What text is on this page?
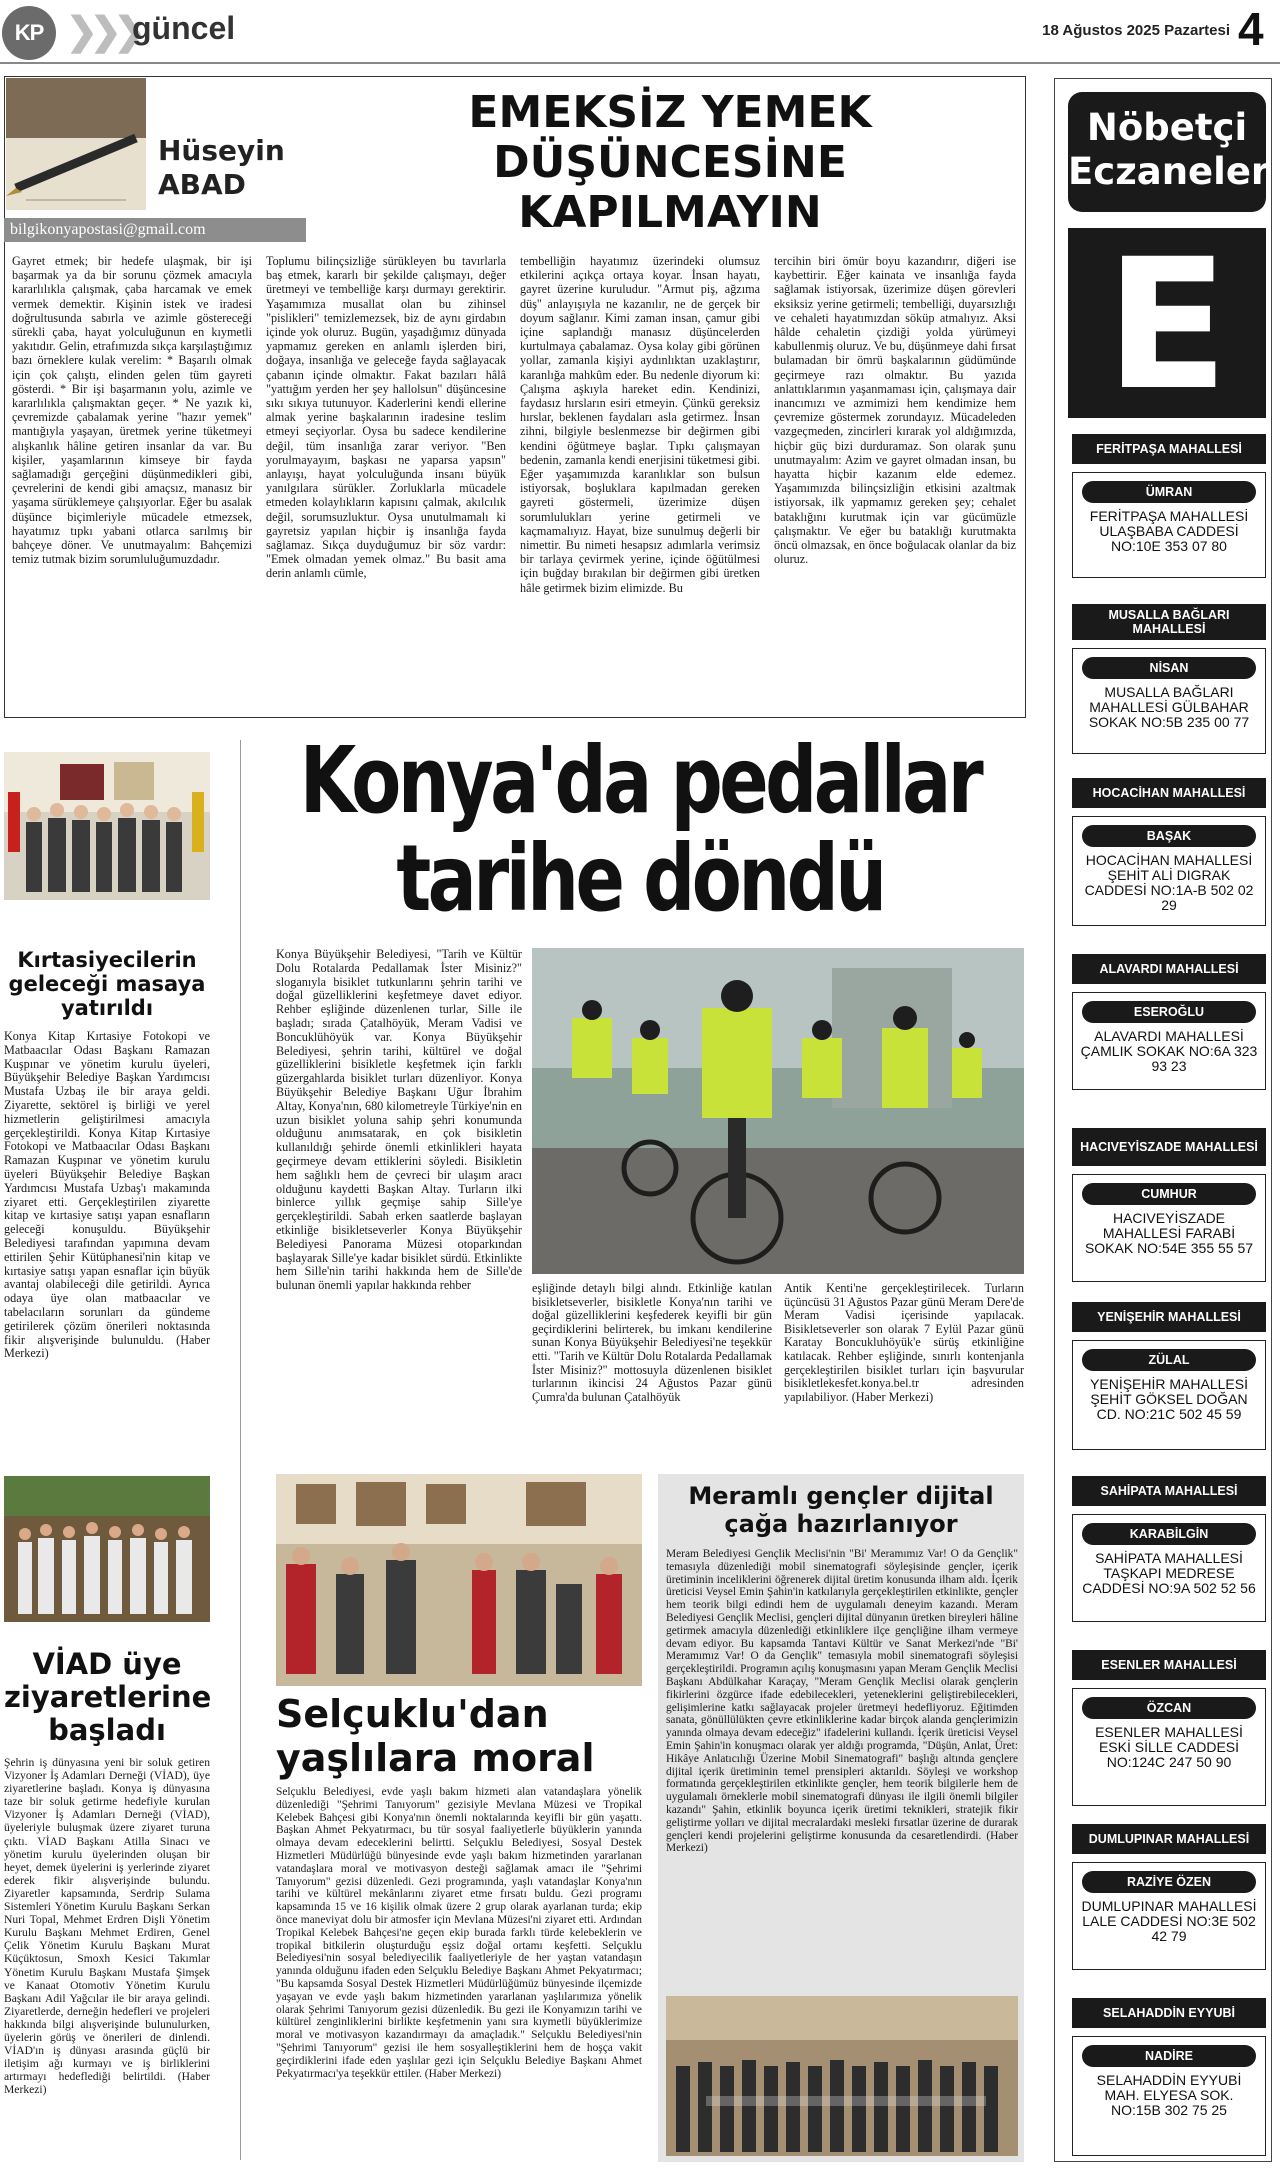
KP ❯❯❯
güncel	18 Ağustos 2025 Pazartesi 4
Hüseyin
ABAD
bilgikonyapostasi@gmail.com
EMEKSİZ YEMEK DÜŞÜNCESİNE KAPILMAYIN
Gayret etmek; bir hedefe ulaşmak, bir işi başarmak ya da bir sorunu çözmek amacıyla kararlılıkla çalışmak, çaba harcamak ve emek vermek demektir. Kişinin istek ve iradesi doğrultusunda sabırla ve azimle göstereceği sürekli çaba, hayat yolculuğunun en kıymetli yakıtıdır. Gelin, etrafımızda sıkça karşılaştığımız bazı örneklere kulak verelim: * Başarılı olmak için çok çalıştı, elinden gelen tüm gayreti gösterdi. * Bir işi başarmanın yolu, azimle ve kararlılıkla çalışmaktan geçer. * Ne yazık ki, çevremizde çabalamak yerine "hazır yemek" mantığıyla yaşayan, üretmek yerine tüketmeyi alışkanlık hâline getiren insanlar da var. Bu kişiler, yaşamlarının kimseye bir fayda sağlamadığı gerçeğini düşünmedikleri gibi, çevrelerini de kendi gibi amaçsız, manasız bir yaşama sürüklemeye çalışıyorlar. Eğer bu asalak düşünce biçimleriyle mücadele etmezsek, hayatımız tıpkı yabani otlarca sarılmış bir bahçeye döner. Ve unutmayalım: Bahçemizi temiz tutmak bizim sorumluluğumuzdadır.
Toplumu bilinçsizliğe sürükleyen bu tavırlarla baş etmek, kararlı bir şekilde çalışmayı, değer üretmeyi ve tembelliğe karşı durmayı gerektirir. Yaşamımıza musallat olan bu zihinsel "pislikleri" temizlemezsek, biz de aynı girdabın içinde yok oluruz. Bugün, yaşadığımız dünyada yapmamız gereken en anlamlı işlerden biri, doğaya, insanlığa ve geleceğe fayda sağlayacak çabanın içinde olmaktır. Fakat bazıları hâlâ "yattığım yerden her şey hallolsun" düşüncesine sıkı sıkıya tutunuyor. Kaderlerini kendi ellerine almak yerine başkalarının iradesine teslim etmeyi seçiyorlar. Oysa bu sadece kendilerine değil, tüm insanlığa zarar veriyor. "Ben yorulmayayım, başkası ne yaparsa yapsın" anlayışı, hayat yolculuğunda insanı büyük yanılgılara sürükler. Zorluklarla mücadele etmeden kolaylıkların kapısını çalmak, akılcılık değil, sorumsuzluktur. Oysa unutulmamalı ki gayretsiz yapılan hiçbir iş insanlığa fayda sağlamaz. Sıkça duyduğumuz bir söz vardır: "Emek olmadan yemek olmaz." Bu basit ama derin anlamlı cümle,
tembelliğin hayatımız üzerindeki olumsuz etkilerini açıkça ortaya koyar. İnsan hayatı, gayret üzerine kuruludur. "Armut piş, ağzıma düş" anlayışıyla ne kazanılır, ne de gerçek bir doyum sağlanır. Kimi zaman insan, çamur gibi içine saplandığı manasız düşüncelerden kurtulmaya çabalamaz. Oysa kolay gibi görünen yollar, zamanla kişiyi aydınlıktan uzaklaştırır, karanlığa mahkûm eder. Bu nedenle diyorum ki: Çalışma aşkıyla hareket edin. Kendinizi, faydasız hırsların esiri etmeyin. Çünkü gereksiz hırslar, beklenen faydaları asla getirmez. İnsan zihni, bilgiyle beslenmezse bir değirmen gibi kendini öğütmeye başlar. Tıpkı çalışmayan bedenin, zamanla kendi enerjisini tüketmesi gibi. Eğer yaşamımızda karanlıklar son bulsun istiyorsak, boşluklara kapılmadan gereken gayreti göstermeli, üzerimize düşen sorumlulukları yerine getirmeli ve kaçmamalıyız. Hayat, bize sunulmuş değerli bir nimettir. Bu nimeti hesapsız adımlarla verimsiz bir tarlaya çevirmek yerine, içinde öğütülmesi için buğday bırakılan bir değirmen gibi üretken hâle getirmek bizim elimizde. Bu
tercihin biri ömür boyu kazandırır, diğeri ise kaybettirir. Eğer kainata ve insanlığa fayda sağlamak istiyorsak, üzerimize düşen görevleri eksiksiz yerine getirmeli; tembelliği, duyarsızlığı ve cehaleti hayatımızdan söküp atmalıyız. Aksi hâlde cehaletin çizdiği yolda yürümeyi kabullenmiş oluruz. Ve bu, düşünmeye dahi fırsat bulamadan bir ömrü başkalarının güdümünde geçirmeye razı olmaktır. Bu yazıda anlattıklarımın yaşanmaması için, çalışmaya dair inancımızı ve azmimizi hem kendimize hem çevremize göstermek zorundayız. Mücadeleden vazgeçmeden, zincirleri kırarak yol aldığımızda, hiçbir güç bizi durduramaz. Son olarak şunu unutmayalım: Azim ve gayret olmadan insan, bu hayatta hiçbir kazanım elde edemez. Yaşamımızda bilinçsizliğin etkisini azaltmak istiyorsak, ilk yapmamız gereken şey; cehalet bataklığını kurutmak için var gücümüzle çalışmaktır. Ve eğer bu bataklığı kurutmakta öncü olmazsak, en önce boğulacak olanlar da biz oluruz.
Kırtasiyecilerin geleceği masaya yatırıldı
Konya Kitap Kırtasiye Fotokopi ve Matbaacılar Odası Başkanı Ramazan Kuşpınar ve yönetim kurulu üyeleri, Büyükşehir Belediye Başkan Yardımcısı Mustafa Uzbaş ile bir araya geldi. Ziyarette, sektörel iş birliği ve yerel hizmetlerin geliştirilmesi amacıyla gerçekleştirildi. Konya Kitap Kırtasiye Fotokopi ve Matbaacılar Odası Başkanı Ramazan Kuşpınar ve yönetim kurulu üyeleri Büyükşehir Belediye Başkan Yardımcısı Mustafa Uzbaş'ı makamında ziyaret etti. Gerçekleştirilen ziyarette kitap ve kırtasiye satışı yapan esnafların geleceği konuşuldu. Büyükşehir Belediyesi tarafından yapımına devam ettirilen Şehir Kütüphanesi'nin kitap ve kırtasiye satışı yapan esnaflar için büyük avantaj olabileceği dile getirildi. Ayrıca odaya üye olan matbaacılar ve tabelacıların sorunları da gündeme getirilerek çözüm önerileri noktasında fikir alışverişinde bulunuldu. (Haber Merkezi)
VİAD üye ziyaretlerine başladı
Şehrin iş dünyasına yeni bir soluk getiren Vizyoner İş Adamları Derneği (VİAD), üye ziyaretlerine başladı. Konya iş dünyasına taze bir soluk getirme hedefiyle kurulan Vizyoner İş Adamları Derneği (VİAD), üyeleriyle buluşmak üzere ziyaret turuna çıktı. VİAD Başkanı Atilla Sinacı ve yönetim kurulu üyelerinden oluşan bir heyet, demek üyelerini iş yerlerinde ziyaret ederek fikir alışverişinde bulundu. Ziyaretler kapsamında, Serdrip Sulama Sistemleri Yönetim Kurulu Başkanı Serkan Nuri Topal, Mehmet Erdren Dişli Yönetim Kurulu Başkanı Mehmet Erdiren, Genel Çelik Yönetim Kurulu Başkanı Murat Küçüktosun, Smoxh Kesici Takımlar Yönetim Kurulu Başkanı Mustafa Şimşek ve Kanaat Otomotiv Yönetim Kurulu Başkanı Adil Yağcılar ile bir araya gelindi. Ziyaretlerde, derneğin hedefleri ve projeleri hakkında bilgi alışverişinde bulunulurken, üyelerin görüş ve önerileri de dinlendi. VİAD'ın iş dünyası arasında güçlü bir iletişim ağı kurmayı ve iş birliklerini artırmayı hedeflediği belirtildi. (Haber Merkezi)
Konya'da pedallar tarihe döndü
Konya Büyükşehir Belediyesi, "Tarih ve Kültür Dolu Rotalarda Pedallamak İster Misiniz?" sloganıyla bisiklet tutkunlarını şehrin tarihi ve doğal güzelliklerini keşfetmeye davet ediyor. Rehber eşliğinde düzenlenen turlar, Sille ile başladı; sırada Çatalhöyük, Meram Vadisi ve Boncuklühöyük var. Konya Büyükşehir Belediyesi, şehrin tarihi, kültürel ve doğal güzelliklerini bisikletle keşfetmek için farklı güzergahlarda bisiklet turları düzenliyor. Konya Büyükşehir Belediye Başkanı Uğur İbrahim Altay, Konya'nın, 680 kilometreyle Türkiye'nin en uzun bisiklet yoluna sahip şehri konumunda olduğunu anımsatarak, en çok bisikletin kullanıldığı şehirde önemli etkinlikleri hayata geçirmeye devam ettiklerini söyledi. Bisikletin hem sağlıklı hem de çevreci bir ulaşım aracı olduğunu kaydetti Başkan Altay. Turların ilki binlerce yıllık geçmişe sahip Sille'ye gerçekleştirildi. Sabah erken saatlerde başlayan etkinliğe bisikletseverler Konya Büyükşehir Belediyesi Panorama Müzesi otoparkından başlayarak Sille'ye kadar bisiklet sürdü. Etkinlikte hem Sille'nin tarihi hakkında hem de Sille'de bulunan önemli yapılar hakkında rehber	eşliğinde detaylı bilgi alındı. Etkinliğe katılan bisikletseverler, bisikletle Konya'nın tarihi ve doğal güzelliklerini keşfederek keyifli bir gün geçirdiklerini belirterek, bu imkanı kendilerine sunan Konya Büyükşehir Belediyesi'ne teşekkür etti. "Tarih ve Kültür Dolu Rotalarda Pedallamak İster Misiniz?" mottosuyla düzenlenen bisiklet turlarının ikincisi 24 Ağustos Pazar günü Çumra'da bulunan Çatalhöyük
Antik Kenti'ne gerçekleştirilecek. Turların üçüncüsü 31 Ağustos Pazar günü Meram Dere'de Meram Vadisi içerisinde yapılacak. Bisikletseverler son olarak 7 Eylül Pazar günü Karatay Boncukluhöyük'e sürüş etkinliğine katılacak. Rehber eşliğinde, sınırlı kontenjanla gerçekleştirilen bisiklet turları için başvurular bisikletlekesfet.konya.bel.tr adresinden yapılabiliyor. (Haber Merkezi)
Selçuklu'dan yaşlılara moral
Selçuklu Belediyesi, evde yaşlı bakım hizmeti alan vatandaşlara yönelik düzenlediği "Şehrimi Tanıyorum" gezisiyle Mevlana Müzesi ve Tropikal Kelebek Bahçesi gibi Konya'nın önemli noktalarında keyifli bir gün yaşattı. Başkan Ahmet Pekyatırmacı, bu tür sosyal faaliyetlerle büyüklerin yanında olmaya devam edeceklerini belirtti. Selçuklu Belediyesi, Sosyal Destek Hizmetleri Müdürlüğü bünyesinde evde yaşlı bakım hizmetinden yararlanan vatandaşlara moral ve motivasyon desteği sağlamak amacı ile "Şehrimi Tanıyorum" gezisi düzenledi. Gezi programında, yaşlı vatandaşlar Konya'nın tarihi ve kültürel mekânlarını ziyaret etme fırsatı buldu. Gezi programı kapsamında 15 ve 16 kişilik olmak üzere 2 grup olarak ayarlanan turda; ekip önce maneviyat dolu bir atmosfer için Mevlana Müzesi'ni ziyaret etti. Ardından Tropikal Kelebek Bahçesi'ne geçen ekip burada farklı türde kelebeklerin ve tropikal bitkilerin oluşturduğu eşsiz doğal ortamı keşfetti. Selçuklu Belediyesi'nin sosyal belediyecilik faaliyetleriyle de her yaştan vatandaşın yanında olduğunu ifaden eden Selçuklu Belediye Başkanı Ahmet Pekyatırmacı; "Bu kapsamda Sosyal Destek Hizmetleri Müdürlüğümüz bünyesinde ilçemizde yaşayan ve evde yaşlı bakım hizmetinden yararlanan yaşlılarımıza yönelik olarak Şehrimi Tanıyorum gezisi düzenledik. Bu gezi ile Konyamızın tarihi ve kültürel zenginliklerini birlikte keşfetmenin yanı sıra kıymetli büyüklerimize moral ve motivasyon kazandırmayı da amaçladık." Selçuklu Belediyesi'nin "Şehrimi Tanıyorum" gezisi ile hem sosyalleştiklerini hem de hoşça vakit geçirdiklerini ifade eden yaşlılar gezi için Selçuklu Belediye Başkanı Ahmet Pekyatırmacı'ya teşekkür ettiler. (Haber Merkezi)
Meramlı gençler dijital çağa hazırlanıyor
Meram Belediyesi Gençlik Meclisi'nin "Bi' Meramımız Var! O da Gençlik" temasıyla düzenlediği mobil sinematografi söyleşisinde gençler, içerik üretiminin inceliklerini öğrenerek dijital üretim konusunda ilham aldı. İçerik üreticisi Veysel Emin Şahin'in katkılarıyla gerçekleştirilen etkinlikte, gençler hem teorik bilgi edindi hem de uygulamalı deneyim kazandı. Meram Belediyesi Gençlik Meclisi, gençleri dijital dünyanın üretken bireyleri hâline getirmek amacıyla düzenlediği etkinliklere ilçe gençliğine ilham vermeye devam ediyor. Bu kapsamda Tantavi Kültür ve Sanat Merkezi'nde "Bi' Meramımız Var! O da Gençlik" temasıyla mobil sinematografi söyleşisi gerçekleştirildi. Programın açılış konuşmasını yapan Meram Gençlik Meclisi Başkanı Abdülkahar Karaçay, "Meram Gençlik Meclisi olarak gençlerin fikirlerini özgürce ifade edebilecekleri, yeteneklerini geliştirebilecekleri, gelişimlerine katkı sağlayacak projeler üretmeyi hedefliyoruz. Eğitimden sanata, gönüllülükten çevre etkinliklerine kadar birçok alanda gençlerimizin yanında olmaya devam edeceğiz" ifadelerini kullandı. İçerik üreticisi Veysel Emin Şahin'in konuşmacı olarak yer aldığı programda, "Düşün, Anlat, Üret: Hikâye Anlatıcılığı Üzerine Mobil Sinematografi" başlığı altında gençlere dijital içerik üretiminin temel prensipleri aktarıldı. Söyleşi ve workshop formatında gerçekleştirilen etkinlikte gençler, hem teorik bilgilerle hem de uygulamalı örneklerle mobil sinematografi dünyası ile ilgili önemli bilgiler kazandı" Şahin, etkinlik boyunca içerik üretimi teknikleri, stratejik fikir geliştirme yolları ve dijital mecralardaki mesleki fırsatlar üzerine de durarak gençleri kendi projelerini geliştirme konusunda da cesaretlendirdi. (Haber Merkezi)
Nöbetçi Eczaneler
E
FERİTPAŞA MAHALLESİ
ÜMRAN
FERİTPAŞA MAHALLESİ ULAŞBABA CADDESİ NO:10E 353 07 80
MUSALLA BAĞLARI MAHALLESİ
NİSAN
MUSALLA BAĞLARI MAHALLESİ GÜLBAHAR SOKAK NO:5B 235 00 77
HOCACİHAN MAHALLESİ
BAŞAK
HOCACİHAN MAHALLESİ ŞEHİT ALİ DIGRAK CADDESİ NO:1A-B 502 02 29
ALAVARDI MAHALLESİ
ESEROĞLU
ALAVARDI MAHALLESİ ÇAMLIK SOKAK NO:6A 323 93 23
HACIVEYİSZADE MAHALLESİ
CUMHUR
HACIVEYİSZADE MAHALLESİ FARABİ SOKAK NO:54E 355 55 57
YENİŞEHİR MAHALLESİ
ZÜLAL
YENİŞEHİR MAHALLESİ ŞEHİT GÖKSEL DOĞAN CD. NO:21C 502 45 59
SAHİPATA MAHALLESİ
KARABİLGİN
SAHİPATA MAHALLESİ TAŞKAPI MEDRESE CADDESİ NO:9A 502 52 56
ESENLER MAHALLESİ
ÖZCAN
ESENLER MAHALLESİ ESKİ SİLLE CADDESİ NO:124C 247 50 90
DUMLUPINAR MAHALLESİ
RAZİYE ÖZEN
DUMLUPINAR MAHALLESİ LALE CADDESİ NO:3E 502 42 79
SELAHADDİN EYYUBİ
NADİRE
SELAHADDİN EYYUBİ MAH. ELYESA SOK. NO:15B 302 75 25
